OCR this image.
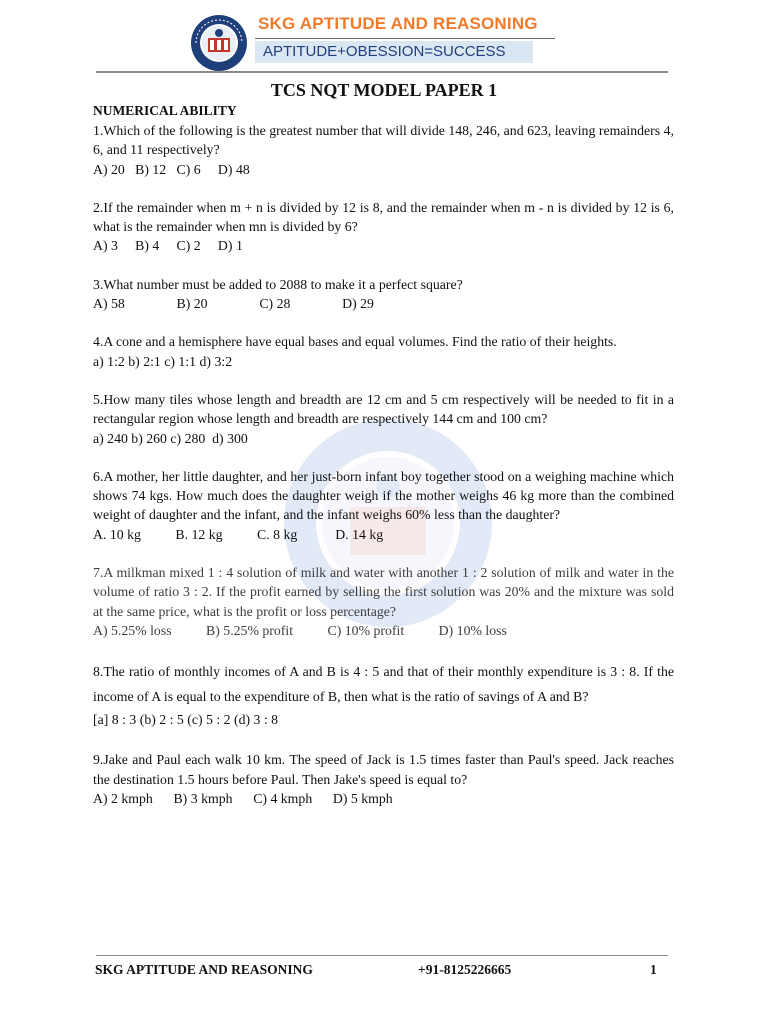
SKG APTITUDE AND REASONING
APTITUDE+OBESSION=SUCCESS
TCS NQT MODEL PAPER 1
NUMERICAL ABILITY

1.Which of the following is the greatest number that will divide 148, 246, and 623, leaving remainders 4, 6, and 11 respectively?

A) 20   B) 12   C) 6     D) 48

2.If the remainder when m + n is divided by 12 is 8, and the remainder when m - n is divided by 12 is 6, what is the remainder when mn is divided by 6?

A) 3     B) 4     C) 2     D) 1

3.What number must be added to 2088 to make it a perfect square?

A) 58               B) 20               C) 28               D) 29

4.A cone and a hemisphere have equal bases and equal volumes. Find the ratio of their heights.

a) 1:2 b) 2:1 c) 1:1 d) 3:2

5.How many tiles whose length and breadth are 12 cm and 5 cm respectively will be needed to fit in a rectangular region whose length and breadth are respectively 144 cm and 100 cm?

a) 240 b) 260 c) 280  d) 300

6.A mother, her little daughter, and her just-born infant boy together stood on a weighing machine which shows 74 kgs. How much does the daughter weigh if the mother weighs 46 kg more than the combined weight of daughter and the infant, and the infant weighs 60% less than the daughter?

A. 10 kg          B. 12 kg          C. 8 kg           D. 14 kg

7.A milkman mixed 1 : 4 solution of milk and water with another 1 : 2 solution of milk and water in the volume of ratio 3 : 2. If the profit earned by selling the first solution was 20% and the mixture was sold at the same price, what is the profit or loss percentage?

A) 5.25% loss          B) 5.25% profit          C) 10% profit          D) 10% loss

8.The ratio of monthly incomes of A and B is 4 : 5 and that of their monthly expenditure is 3 : 8. If the income of A is equal to the expenditure of B, then what is the ratio of savings of A and B?

[a] 8 : 3 (b) 2 : 5 (c) 5 : 2 (d) 3 : 8

9.Jake and Paul each walk 10 km. The speed of Jack is 1.5 times faster than Paul's speed. Jack reaches the destination 1.5 hours before Paul. Then Jake's speed is equal to?

A) 2 kmph      B) 3 kmph      C) 4 kmph      D) 5 kmph
SKG APTITUDE AND REASONING	+91-8125226665	1
